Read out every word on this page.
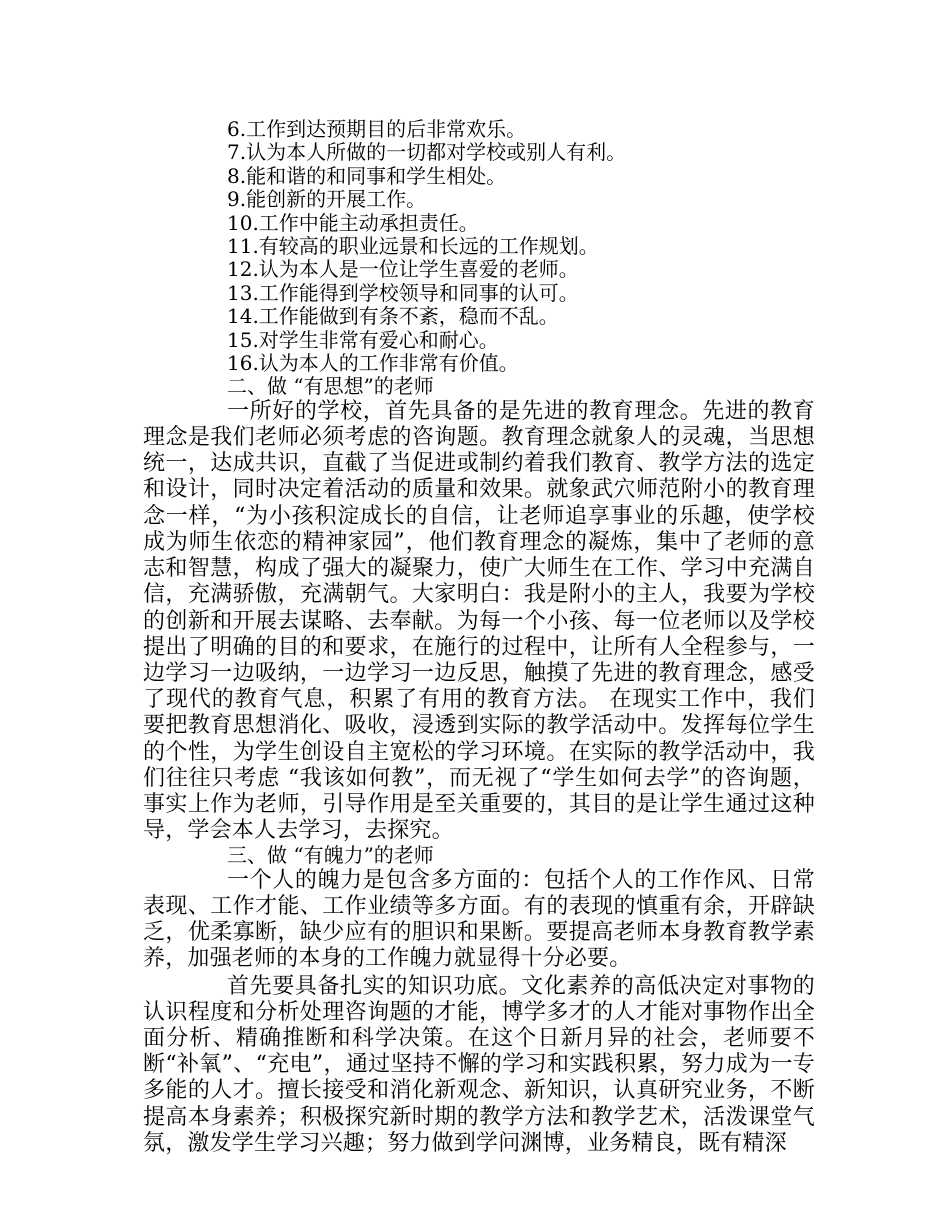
6.工作到达预期目的后非常欢乐。
7.认为本人所做的一切都对学校或别人有利。
8.能和谐的和同事和学生相处。
9.能创新的开展工作。
10.工作中能主动承担责任。
11.有较高的职业远景和长远的工作规划。
12.认为本人是一位让学生喜爱的老师。
13.工作能得到学校领导和同事的认可。
14.工作能做到有条不紊，稳而不乱。
15.对学生非常有爱心和耐心。
16.认为本人的工作非常有价值。
二、做 “有思想”的老师

一所好的学校，首先具备的是先进的教育理念。先进的教育理念是我们老师必须考虑的咨询题。教育理念就象人的灵魂，当思想统一，达成共识，直截了当促进或制约着我们教育、教学方法的选定和设计，同时决定着活动的质量和效果。就象武穴师范附小的教育理念一样，“为小孩积淀成长的自信，让老师追享事业的乐趣，使学校成为师生依恋的精神家园”，他们教育理念的凝炼，集中了老师的意志和智慧，构成了强大的凝聚力，使广大师生在工作、学习中充满自信，充满骄傲，充满朝气。大家明白：我是附小的主人，我要为学校的创新和开展去谋略、去奉献。为每一个小孩、每一位老师以及学校提出了明确的目的和要求，在施行的过程中，让所有人全程参与，一边学习一边吸纳，一边学习一边反思，触摸了先进的教育理念，感受了现代的教育气息，积累了有用的教育方法。 在现实工作中，我们要把教育思想消化、吸收，浸透到实际的教学活动中。发挥每位学生的个性，为学生创设自主宽松的学习环境。在实际的教学活动中，我们往往只考虑 “我该如何教”，而无视了“学生如何去学”的咨询题，事实上作为老师，引导作用是至关重要的，其目的是让学生通过这种导，学会本人去学习，去探究。

三、做 “有魄力”的老师

一个人的魄力是包含多方面的：包括个人的工作作风、日常表现、工作才能、工作业绩等多方面。有的表现的慎重有余，开辟缺乏，优柔寡断，缺少应有的胆识和果断。要提高老师本身教育教学素养，加强老师的本身的工作魄力就显得十分必要。

首先要具备扎实的知识功底。文化素养的高低决定对事物的认识程度和分析处理咨询题的才能，博学多才的人才能对事物作出全面分析、精确推断和科学决策。在这个日新月异的社会，老师要不断“补氧”、“充电”，通过坚持不懈的学习和实践积累，努力成为一专多能的人才。擅长接受和消化新观念、新知识，认真研究业务，不断提高本身素养；积极探究新时期的教学方法和教学艺术，活泼课堂气氛，激发学生学习兴趣；努力做到学问渊博，业务精良，既有精深
